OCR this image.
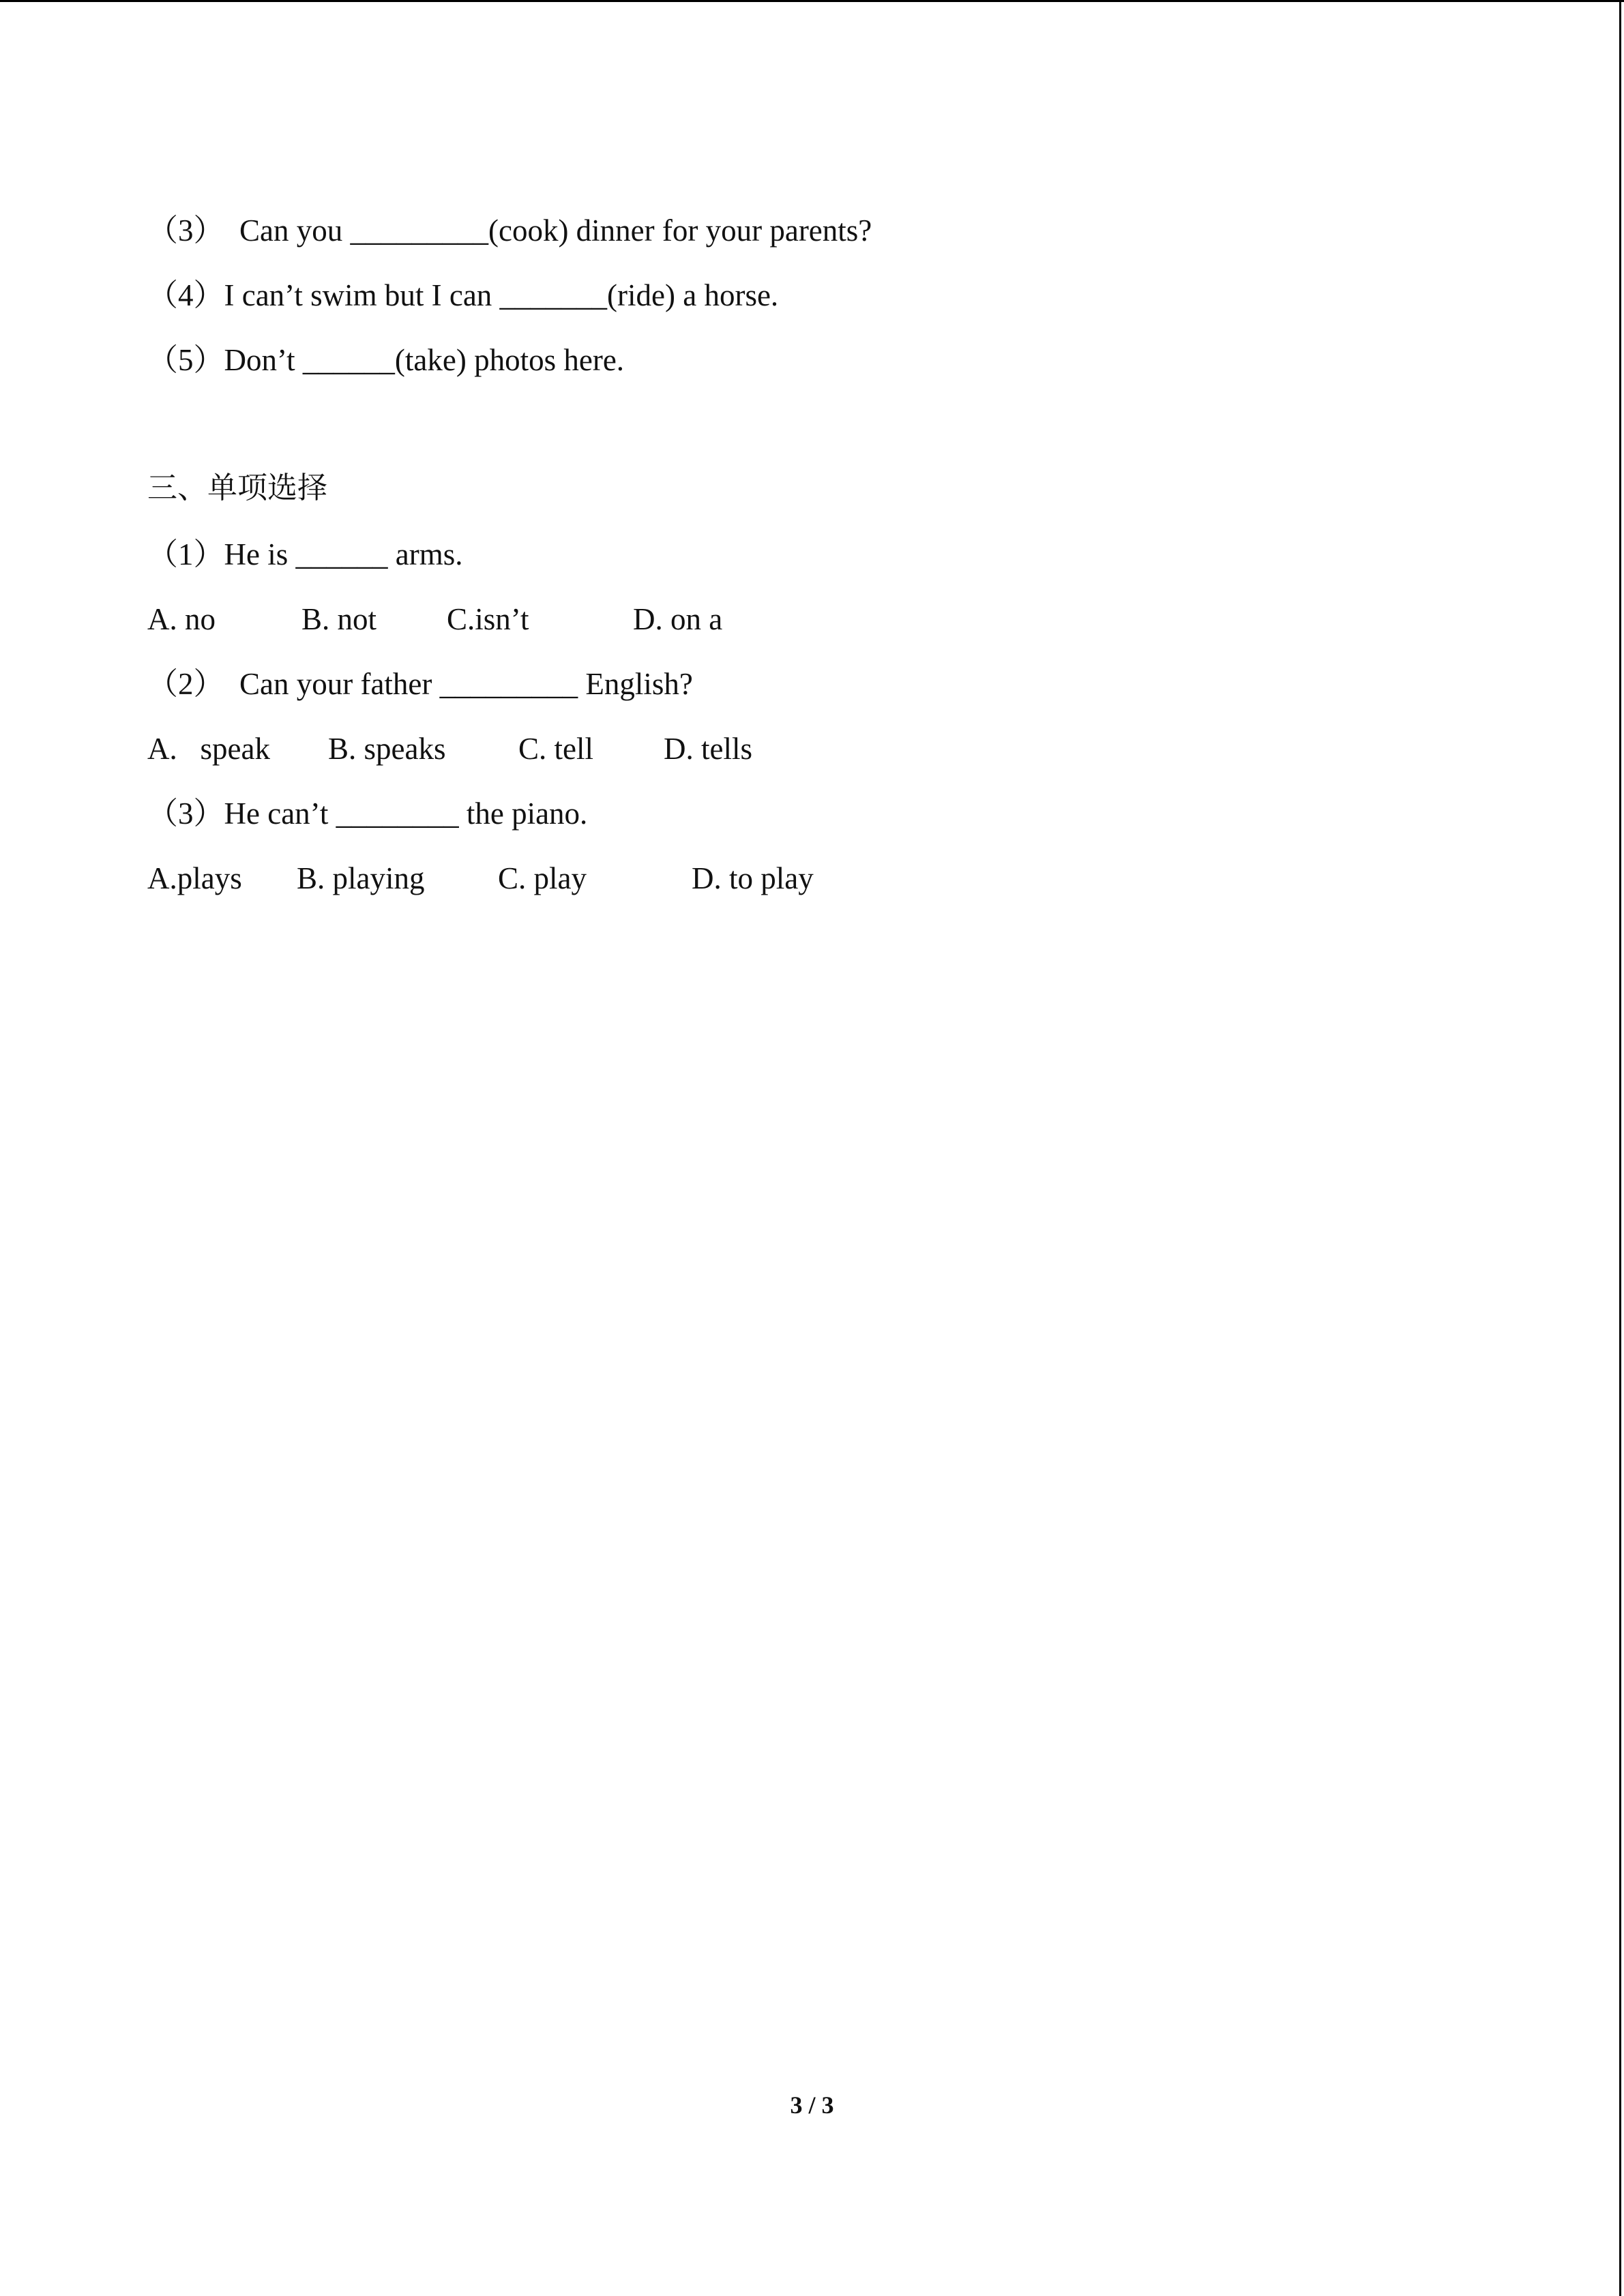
（3）  Can you _________(cook) dinner for your parents?
（4）I can’t swim but I can _______(ride) a horse.
（5）Don’t ______(take) photos here.
三、单项选择
（1）He is ______ arms.
A. no	B. not C.isn’t	D. on a
（2）  Can your father _________ English?
A.   speak B. speaks C. tell D. tells
（3）He can’t ________ the piano.
A.plays B. playing C. play	D. to play
3 / 3
